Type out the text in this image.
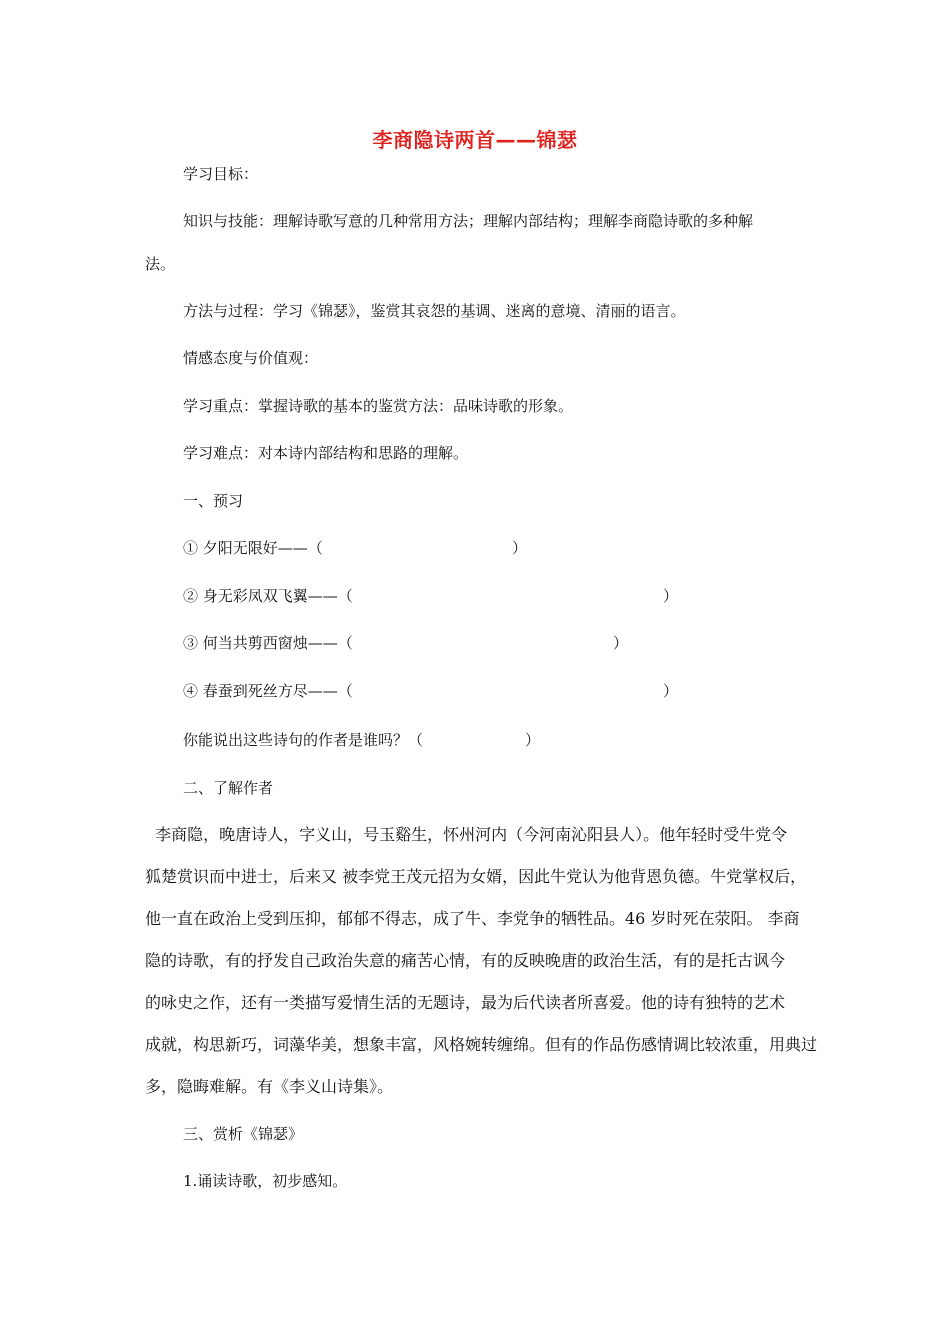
李商隐诗两首——锦瑟
学习目标：
知识与技能：理解诗歌写意的几种常用方法；理解内部结构；理解李商隐诗歌的多种解
法。
方法与过程：学习《锦瑟》，鉴赏其哀怨的基调、迷离的意境、清丽的语言。
情感态度与价值观：
学习重点：掌握诗歌的基本的鉴赏方法：品味诗歌的形象。
学习难点：对本诗内部结构和思路的理解。
一、预习
① 夕阳无限好——（	）
② 身无彩凤双飞翼——（	）
③ 何当共剪西窗烛——（	）
④ 春蚕到死丝方尽——（	）
你能说出这些诗句的作者是谁吗？（	）
二、了解作者
李商隐，晚唐诗人，字义山，号玉谿生，怀州河内（今河南沁阳县人）。他年轻时受牛党令
狐楚赏识而中进士，后来又 被李党王茂元招为女婿，因此牛党认为他背恩负德。牛党掌权后，
他一直在政治上受到压抑，郁郁不得志，成了牛、李党争的牺牲品。46 岁时死在荥阳。 李商
隐的诗歌，有的抒发自己政治失意的痛苦心情，有的反映晚唐的政治生活，有的是托古讽今
的咏史之作，还有一类描写爱情生活的无题诗，最为后代读者所喜爱。他的诗有独特的艺术
成就，构思新巧，词藻华美，想象丰富，风格婉转缠绵。但有的作品伤感情调比较浓重，用典过
多，隐晦难解。有《李义山诗集》。
三、赏析《锦瑟》
1.诵读诗歌，初步感知。
